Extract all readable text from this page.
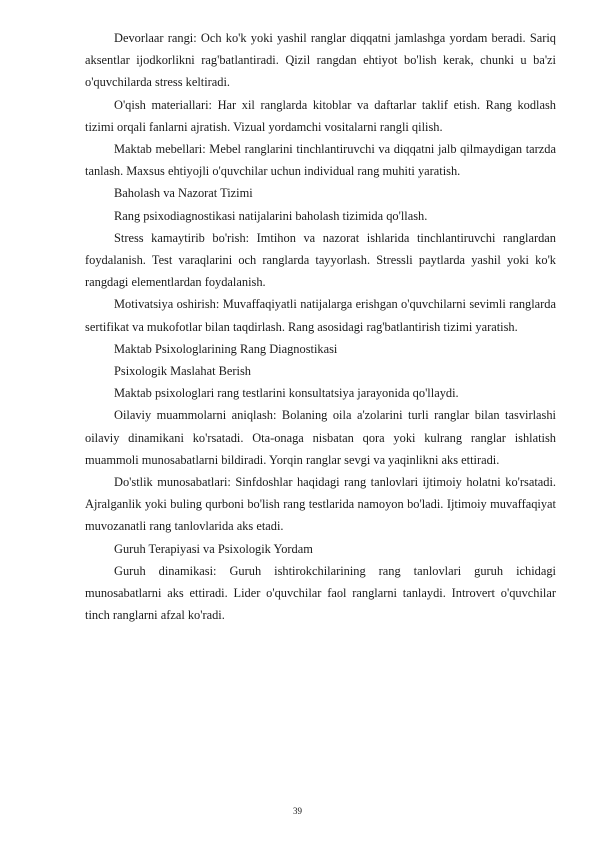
Devorlaar rangi: Och ko'k yoki yashil ranglar diqqatni jamlashga yordam beradi. Sariq aksentlar ijodkorlikni rag'batlantiradi. Qizil rangdan ehtiyot bo'lish kerak, chunki u ba'zi o'quvchilarda stress keltiradi.

O'qish materiallari: Har xil ranglarda kitoblar va daftarlar taklif etish. Rang kodlash tizimi orqali fanlarni ajratish. Vizual yordamchi vositalarni rangli qilish.

Maktab mebellari: Mebel ranglarini tinchlantiruvchi va diqqatni jalb qilmaydigan tarzda tanlash. Maxsus ehtiyojli o'quvchilar uchun individual rang muhiti yaratish.

Baholash va Nazorat Tizimi

Rang psixodiagnostikasi natijalarini baholash tizimida qo'llash.

Stress kamaytirib bo'rish: Imtihon va nazorat ishlarida tinchlantiruvchi ranglardan foydalanish. Test varaqlarini och ranglarda tayyorlash. Stressli paytlarda yashil yoki ko'k rangdagi elementlardan foydalanish.

Motivatsiya oshirish: Muvaffaqiyatli natijalarga erishgan o'quvchilarni sevimli ranglarda sertifikat va mukofotlar bilan taqdirlash. Rang asosidagi rag'batlantirish tizimi yaratish.

Maktab Psixologlarining Rang Diagnostikasi

Psixologik Maslahat Berish

Maktab psixologlari rang testlarini konsultatsiya jarayonida qo'llaydi.

Oilaviy muammolarni aniqlash: Bolaning oila a'zolarini turli ranglar bilan tasvirlashi oilaviy dinamikani ko'rsatadi. Ota-onaga nisbatan qora yoki kulrang ranglar ishlatish muammoli munosabatlarni bildiradi. Yorqin ranglar sevgi va yaqinlikni aks ettiradi.

Do'stlik munosabatlari: Sinfdoshlar haqidagi rang tanlovlari ijtimoiy holatni ko'rsatadi. Ajralganlik yoki buling qurboni bo'lish rang testlarida namoyon bo'ladi. Ijtimoiy muvaffaqiyat muvozanatli rang tanlovlarida aks etadi.

Guruh Terapiyasi va Psixologik Yordam

Guruh dinamikasi: Guruh ishtirokchilarining rang tanlovlari guruh ichidagi munosabatlarni aks ettiradi. Lider o'quvchilar faol ranglarni tanlaydi. Introvert o'quvchilar tinch ranglarni afzal ko'radi.

39
